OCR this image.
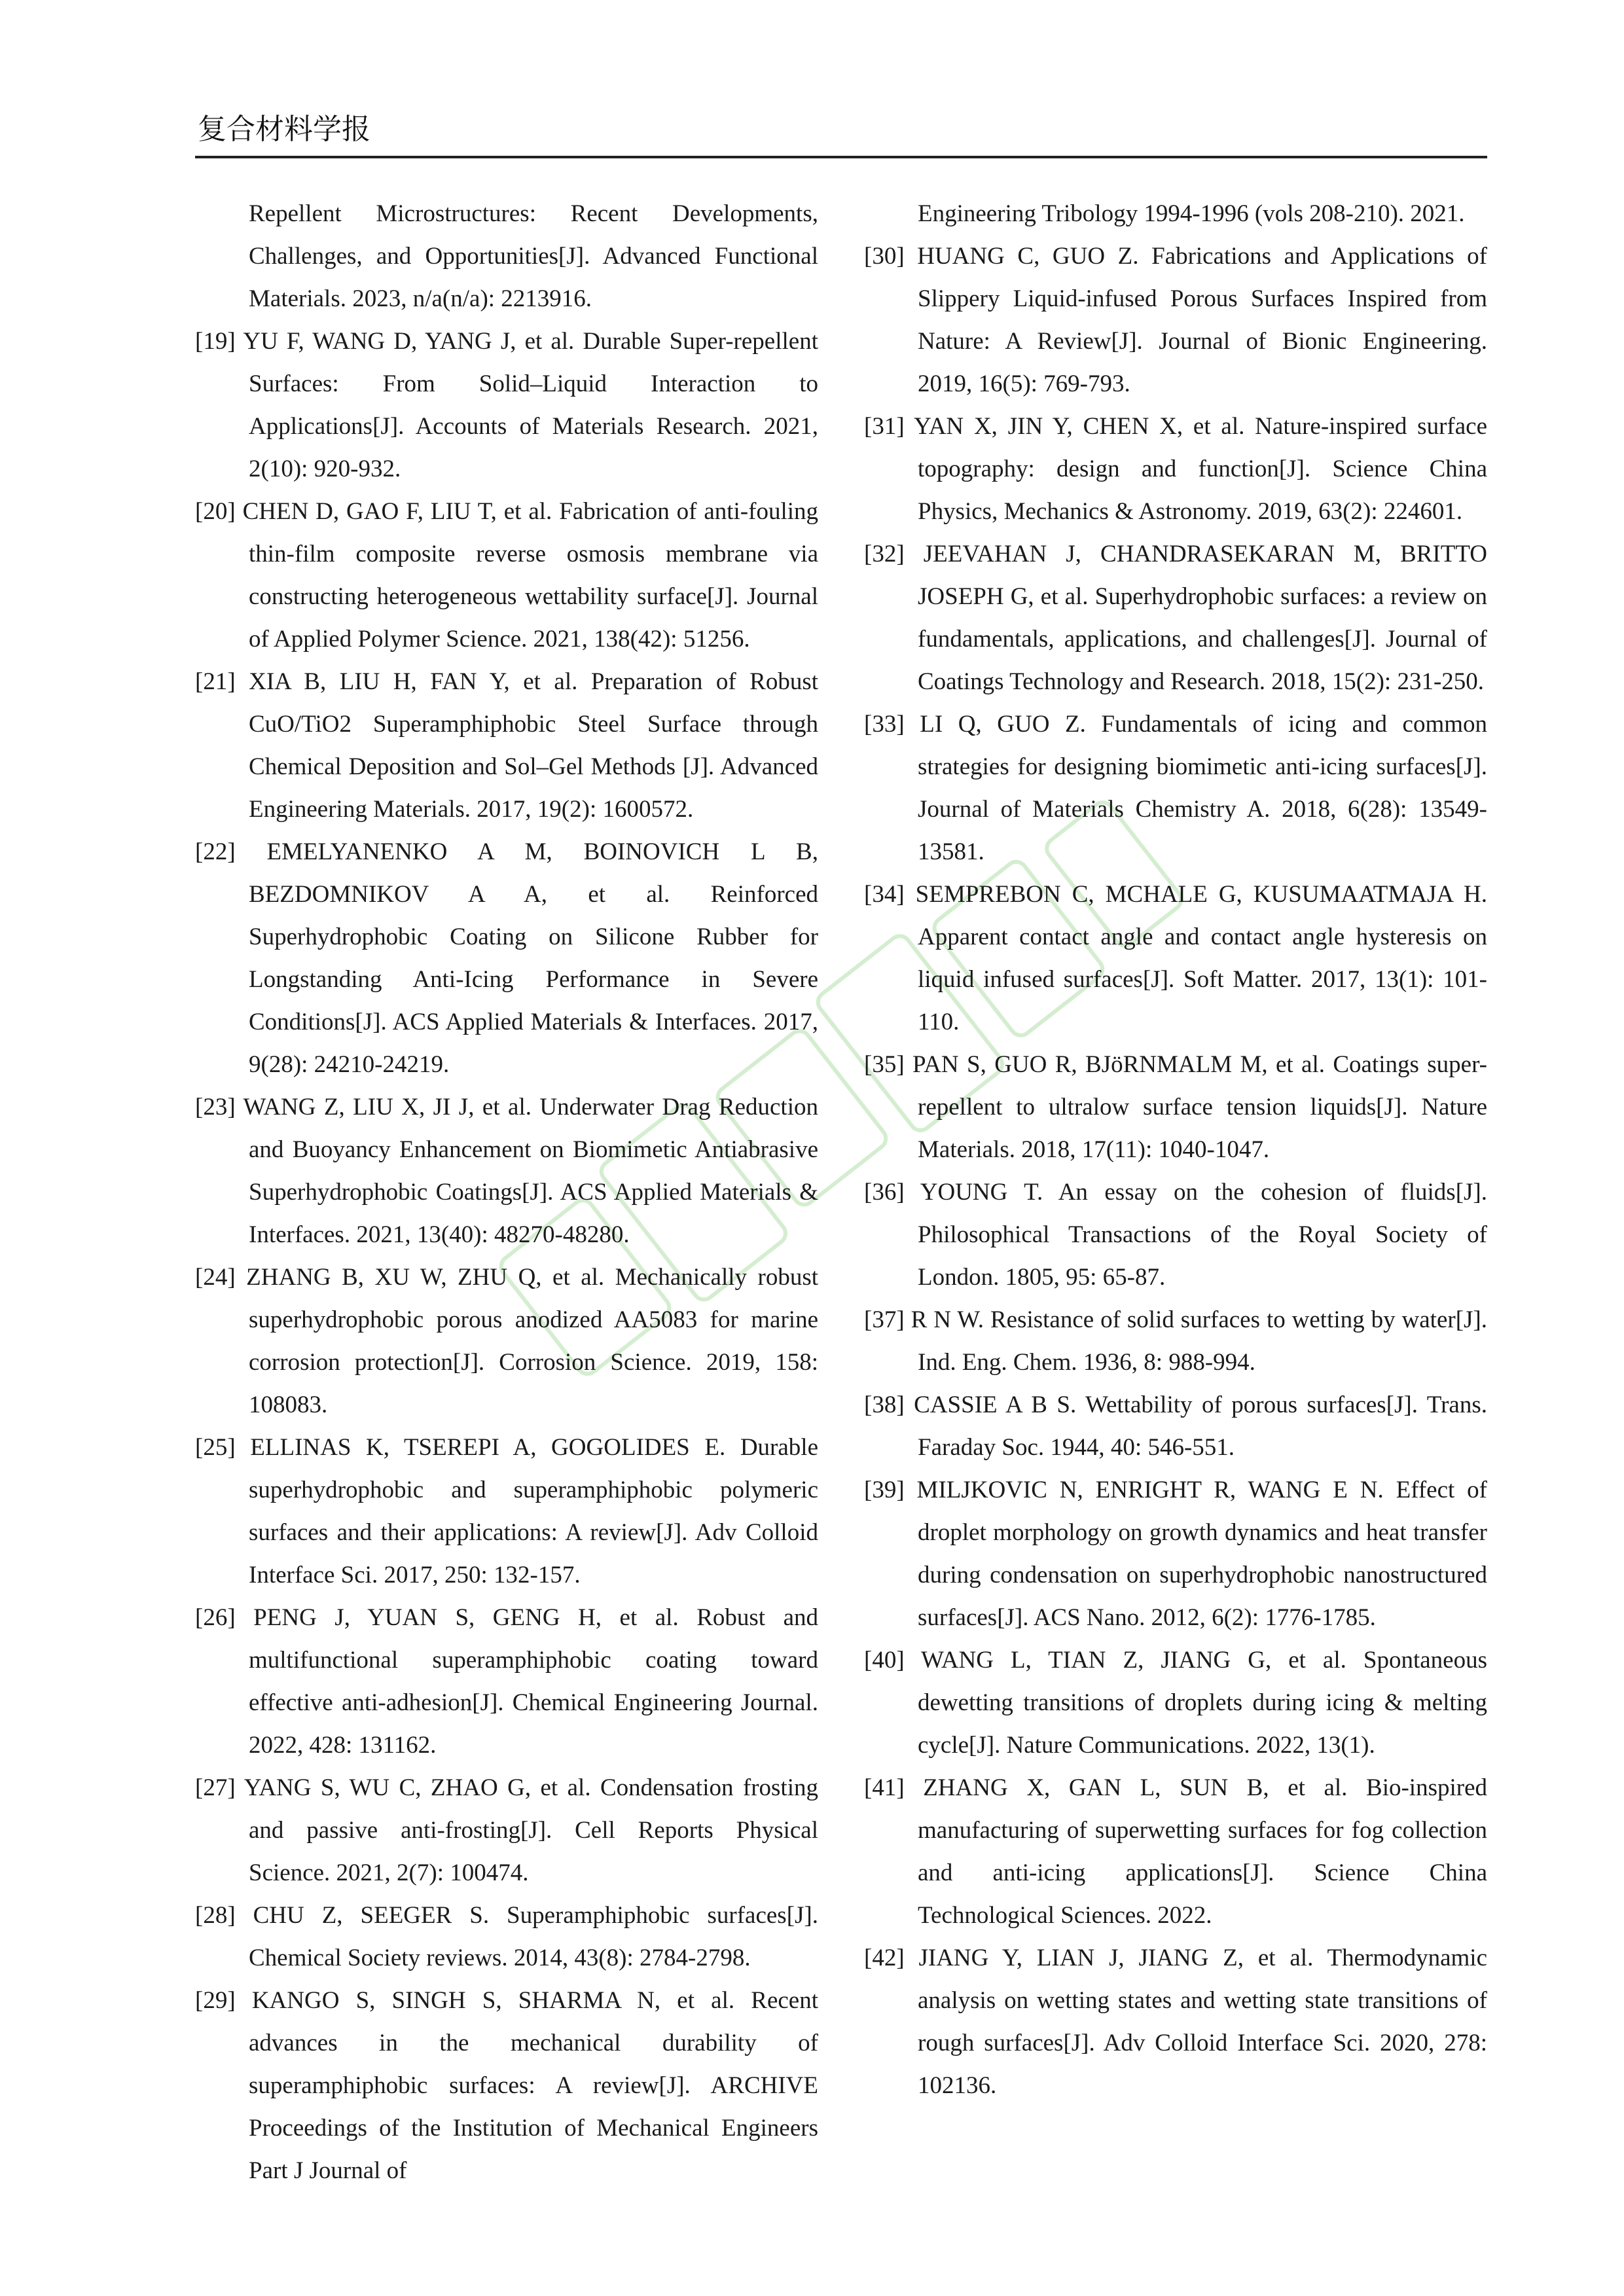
复合材料学报
Repellent Microstructures: Recent Developments, Challenges, and Opportunities[J]. Advanced Functional Materials. 2023, n/a(n/a): 2213916.
[19] YU F, WANG D, YANG J, et al. Durable Super-repellent Surfaces: From Solid–Liquid Interaction to Applications[J]. Accounts of Materials Research. 2021, 2(10): 920-932.
[20] CHEN D, GAO F, LIU T, et al. Fabrication of anti-fouling thin-film composite reverse osmosis membrane via constructing heterogeneous wettability surface[J]. Journal of Applied Polymer Science. 2021, 138(42): 51256.
[21] XIA B, LIU H, FAN Y, et al. Preparation of Robust CuO/TiO2 Superamphiphobic Steel Surface through Chemical Deposition and Sol–Gel Methods [J]. Advanced Engineering Materials. 2017, 19(2): 1600572.
[22] EMELYANENKO A M, BOINOVICH L B, BEZDOMNIKOV A A, et al. Reinforced Superhydrophobic Coating on Silicone Rubber for Longstanding Anti-Icing Performance in Severe Conditions[J]. ACS Applied Materials & Interfaces. 2017, 9(28): 24210-24219.
[23] WANG Z, LIU X, JI J, et al. Underwater Drag Reduction and Buoyancy Enhancement on Biomimetic Antiabrasive Superhydrophobic Coatings[J]. ACS Applied Materials & Interfaces. 2021, 13(40): 48270-48280.
[24] ZHANG B, XU W, ZHU Q, et al. Mechanically robust superhydrophobic porous anodized AA5083 for marine corrosion protection[J]. Corrosion Science. 2019, 158: 108083.
[25] ELLINAS K, TSEREPI A, GOGOLIDES E. Durable superhydrophobic and superamphiphobic polymeric surfaces and their applications: A review[J]. Adv Colloid Interface Sci. 2017, 250: 132-157.
[26] PENG J, YUAN S, GENG H, et al. Robust and multifunctional superamphiphobic coating toward effective anti-adhesion[J]. Chemical Engineering Journal. 2022, 428: 131162.
[27] YANG S, WU C, ZHAO G, et al. Condensation frosting and passive anti-frosting[J]. Cell Reports Physical Science. 2021, 2(7): 100474.
[28] CHU Z, SEEGER S. Superamphiphobic surfaces[J]. Chemical Society reviews. 2014, 43(8): 2784-2798.
[29] KANGO S, SINGH S, SHARMA N, et al. Recent advances in the mechanical durability of superamphiphobic surfaces: A review[J]. ARCHIVE Proceedings of the Institution of Mechanical Engineers Part J Journal of
Engineering Tribology 1994-1996 (vols 208-210). 2021.
[30] HUANG C, GUO Z. Fabrications and Applications of Slippery Liquid-infused Porous Surfaces Inspired from Nature: A Review[J]. Journal of Bionic Engineering. 2019, 16(5): 769-793.
[31] YAN X, JIN Y, CHEN X, et al. Nature-inspired surface topography: design and function[J]. Science China Physics, Mechanics & Astronomy. 2019, 63(2): 224601.
[32] JEEVAHAN J, CHANDRASEKARAN M, BRITTO JOSEPH G, et al. Superhydrophobic surfaces: a review on fundamentals, applications, and challenges[J]. Journal of Coatings Technology and Research. 2018, 15(2): 231-250.
[33] LI Q, GUO Z. Fundamentals of icing and common strategies for designing biomimetic anti-icing surfaces[J]. Journal of Materials Chemistry A. 2018, 6(28): 13549-13581.
[34] SEMPREBON C, MCHALE G, KUSUMAATMAJA H. Apparent contact angle and contact angle hysteresis on liquid infused surfaces[J]. Soft Matter. 2017, 13(1): 101-110.
[35] PAN S, GUO R, BJöRNMALM M, et al. Coatings super-repellent to ultralow surface tension liquids[J]. Nature Materials. 2018, 17(11): 1040-1047.
[36] YOUNG T. An essay on the cohesion of fluids[J]. Philosophical Transactions of the Royal Society of London. 1805, 95: 65-87.
[37] R N W. Resistance of solid surfaces to wetting by water[J]. Ind. Eng. Chem. 1936, 8: 988-994.
[38] CASSIE A B S. Wettability of porous surfaces[J]. Trans. Faraday Soc. 1944, 40: 546-551.
[39] MILJKOVIC N, ENRIGHT R, WANG E N. Effect of droplet morphology on growth dynamics and heat transfer during condensation on superhydrophobic nanostructured surfaces[J]. ACS Nano. 2012, 6(2): 1776-1785.
[40] WANG L, TIAN Z, JIANG G, et al. Spontaneous dewetting transitions of droplets during icing & melting cycle[J]. Nature Communications. 2022, 13(1).
[41] ZHANG X, GAN L, SUN B, et al. Bio-inspired manufacturing of superwetting surfaces for fog collection and anti-icing applications[J]. Science China Technological Sciences. 2022.
[42] JIANG Y, LIAN J, JIANG Z, et al. Thermodynamic analysis on wetting states and wetting state transitions of rough surfaces[J]. Adv Colloid Interface Sci. 2020, 278: 102136.
